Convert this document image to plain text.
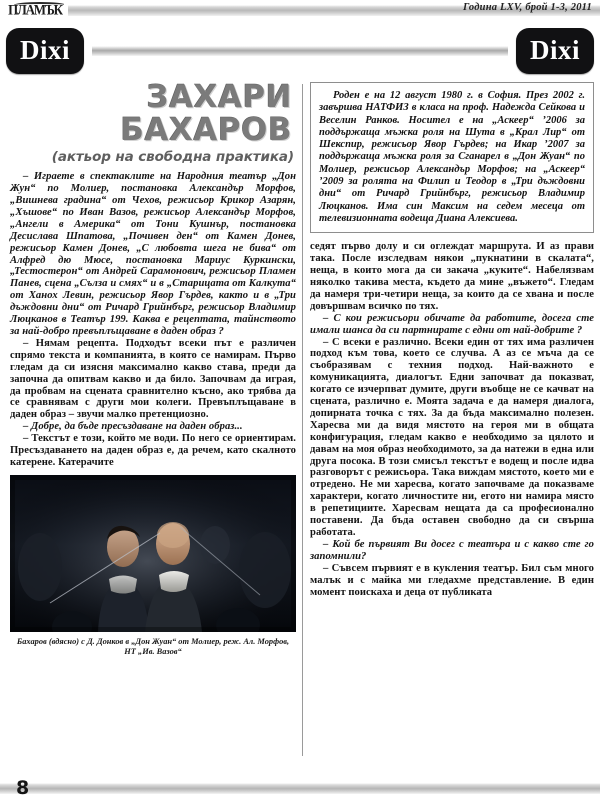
ПЛАМЪК	Година LXV, брой 1-3, 2011
Dixi	Dixi
ЗАХАРИ
БАХАРОВ
(актьор на свободна практика)

– Играете в спектаклите на Народния театър „Дон Жун“ по Молиер, постановка Александър Морфов, „Вишнева градина“ от Чехов, режисьор Крикор Азарян, „Хъшове“ по Иван Вазов, режисьор Александър Морфов, „Ангели в Америка“ от Тони Кушнър, постановка Десислава Шпатова, „Почивен ден“ от Камен Донев, режисьор Камен Донев, „С любовта шега не бива“ от Алфред дю Мюсе, постановка Мариус Куркински, „Тестостерон“ от Андрей Сарамонович, режисьор Пламен Панев, сцена „Сълза и смях“ и в „Старицата от Калкута“ от Ханох Левин, режисьор Явор Гърдев, както и в „Три дъждовни дни“ от Ричард Грийнбърг, режисьор Владимир Люцканов в Театър 199. Каква е рецептата, тайнството за най-добро превъплъщаване в даден образ ?

– Нямам рецепта. Подходът всеки път е различен спрямо текста и компанията, в която се намирам. Първо гледам да си изясня максимално какво става, преди да започна да опитвам какво и да било. Започвам да играя, да пробвам на сцената сравнително късно, ако трябва да се сравнявам с други мои колеги. Превъплъщаване в даден образ – звучи малко претенциозно.

– Добре, да бъде пресъздаване на даден образ...

– Текстът е този, който ме води. По него се ориентирам. Пресъздаването на даден образ е, да речем, като скалното катерене. Катерачите

Бахаров (вдясно) с Д. Донков в „Дон Жуан“ от Молиер, реж. Ал. Морфов, НТ „Ив. Вазов“

Роден е на 12 август 1980 г. в София. През 2002 г. завършва НАТФИЗ в класа на проф. Надежда Сейкова и Веселин Ранков. Носител е на „Аскеер“ ’2006 за поддържаща мъжка роля на Шута в „Крал Лир“ от Шекспир, режисьор Явор Гърдев; на Икар ’2007 за поддържаща мъжка роля за Сганарел в „Дон Жуан“ по Молиер, режисьор Александър Морфов; на „Аскеер“ ’2009 за ролята на Филип и Теодор в „Три дъждовни дни“ от Ричард Грийнбърг, режисьор Владимир Люцканов. Има син Максим на седем месеца от телевизионната водеща Диана Алексиева.

седят първо долу и си оглеждат маршрута. И аз прави така. После изследвам някои „пукнатини в скалата“, неща, в които мога да си закача „куките“. Набелязвам няколко такива места, където да мине „въжето“. Гледам да намеря три-четири неща, за които да се хвана и после довършвам всичко по тях.

– С кои режисьори обичате да работите, досега сте имали шанса да си партнирате с едни от най-добрите ?

– С всеки е различно. Всеки един от тях има различен подход към това, което се случва. А аз се мъча да се съобразявам с техния подход. Най-важното е комуникацията, диалогът. Едни започват да показват, когато се изчерпват думите, други въобще не се качват на сцената, различно е. Моята задача е да намеря диалога, допирната точка с тях. За да бъда максимално полезен. Харесва ми да видя мястото на героя ми в общата конфигурация, гледам какво е необходимо за цялото и давам на моя образ необходимото, за да натежи в една или друга посока. В този смисъл текстът е водещ и после идва разговорът с режисьора. Така виждам мястото, което ми е отредено. Не ми харесва, когато започваме да показваме характери, когато личностите ни, егото ни намира място в репетициите. Харесвам нещата да са професионално поставени. Да бъда оставен свободно да си свърша работата.

– Кой бе първият Ви досег с театъра и с какво сте го запомнили?

– Съвсем първият е в кукления театър. Бил съм много малък и с майка ми гледахме представление. В един момент поискаха и деца от публиката

8
